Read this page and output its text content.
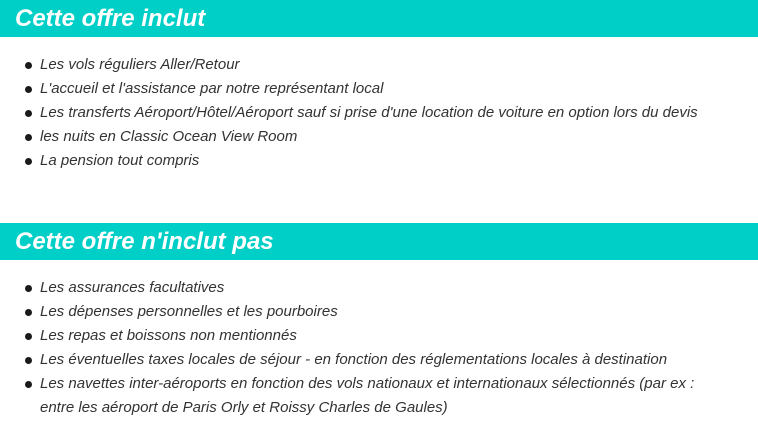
Cette offre inclut
Les vols réguliers Aller/Retour
L'accueil et l'assistance par notre représentant local
Les transferts Aéroport/Hôtel/Aéroport sauf si prise d'une location de voiture en option lors du devis
les nuits en Classic Ocean View Room
La pension tout compris
Cette offre n'inclut pas
Les assurances facultatives
Les dépenses personnelles et les pourboires
Les repas et boissons non mentionnés
Les éventuelles taxes locales de séjour - en fonction des réglementations locales à destination
Les navettes inter-aéroports en fonction des vols nationaux et internationaux sélectionnés (par ex : entre les aéroport de Paris Orly et Roissy Charles de Gaules)
